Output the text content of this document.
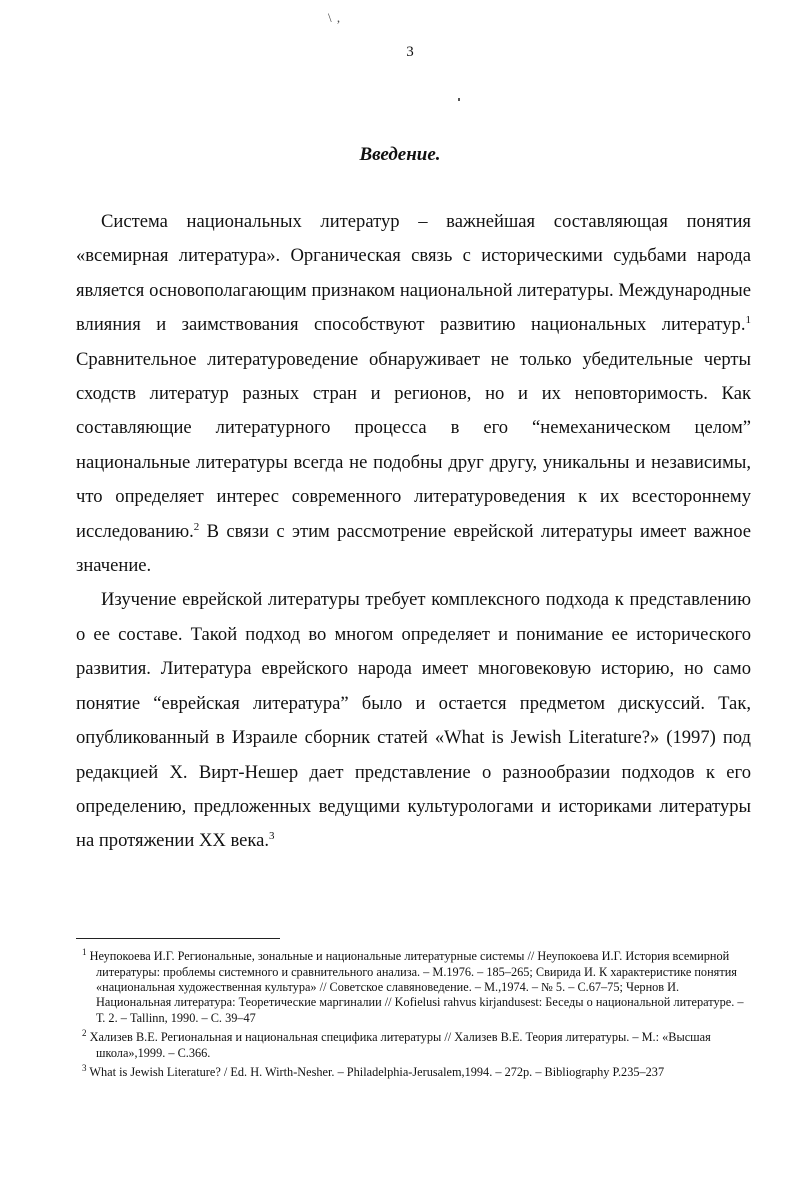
\ ,
3
Введение.

Система национальных литератур – важнейшая составляющая понятия «всемирная литература». Органическая связь с историческими судьбами народа является основополагающим признаком национальной литературы. Международные влияния и заимствования способствуют развитию национальных литератур.$^1$ Сравнительное литературоведение обнаруживает не только убедительные черты сходств литератур разных стран и регионов, но и их неповторимость. Как составляющие литературного процесса в его “немеханическом целом” национальные литературы всегда не подобны друг другу, уникальны и независимы, что определяет интерес современного литературоведения к их всестороннему исследованию.$^2$ В связи с этим рассмотрение еврейской литературы имеет важное значение.

Изучение еврейской литературы требует комплексного подхода к представлению о ее составе. Такой подход во многом определяет и понимание ее исторического развития. Литература еврейского народа имеет многовековую историю, но само понятие “еврейская литература” было и остается предметом дискуссий. Так, опубликованный в Израиле сборник статей «What is Jewish Literature?» (1997) под редакцией Х. Вирт-Нешер дает представление о разнообразии подходов к его определению, предложенных ведущими культурологами и историками литературы на протяжении XX века.$^3$

$^1$ Неупокоева И.Г. Региональные, зональные и национальные литературные системы // Неупокоева И.Г. История всемирной литературы: проблемы системного и сравнительного анализа. – М.1976. – 185–265; Свирида И. К характеристике понятия «национальная художественная культура» // Советское славяноведение. – М.,1974. – № 5. – С.67–75; Чернов И. Национальная литература: Теоретические маргиналии // Kofielusi rahvus kirjandusest: Беседы о национальной литературе. – Т. 2. – Tallinn, 1990. – С. 39–47

$^2$ Хализев В.Е. Региональная и национальная специфика литературы // Хализев В.Е. Теория литературы. – М.: «Высшая школа»,1999. – С.366.

$^3$ What is Jewish Literature? / Ed. H. Wirth-Nesher. – Philadelphia-Jerusalem,1994. – 272p. – Bibliography P.235–237
